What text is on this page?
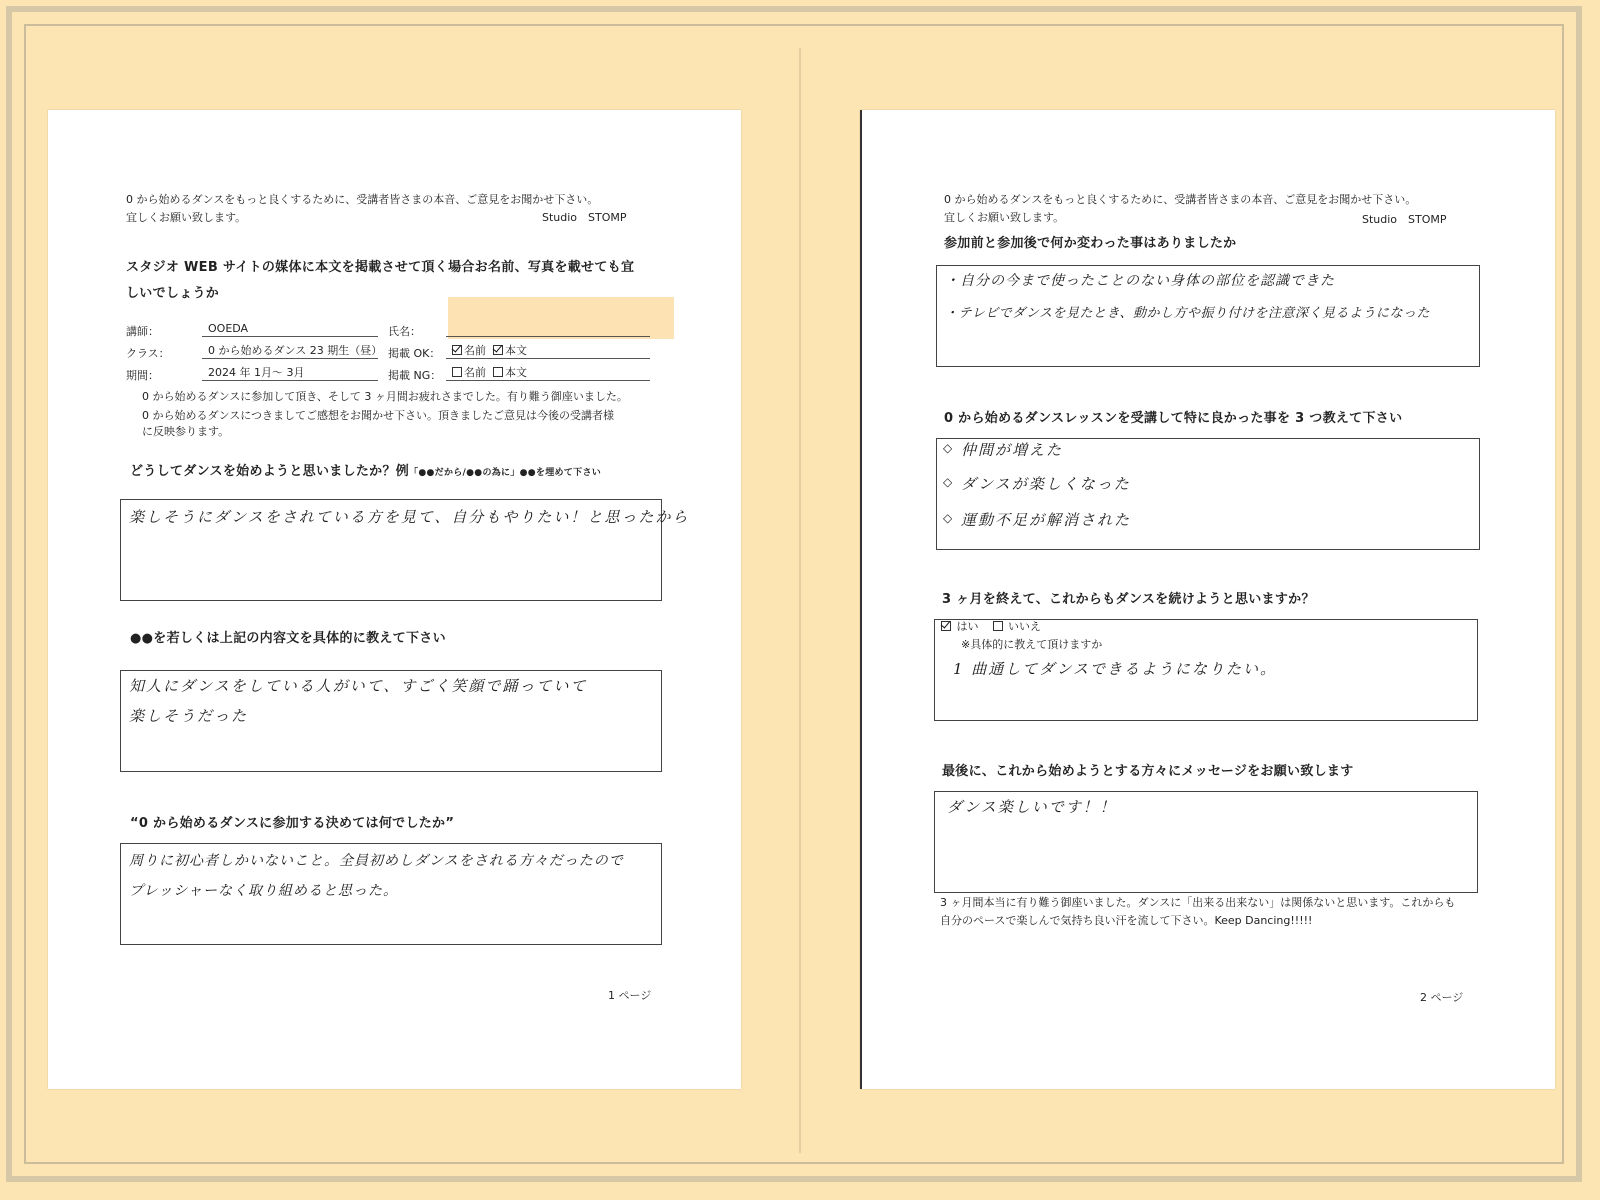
0 から始めるダンスをもっと良くするために、受講者皆さまの本音、ご意見をお聞かせ下さい。
宜しくお願い致します。	Studio　STOMP
スタジオ WEB サイトの媒体に本文を掲載させて頂く場合お名前、写真を載せても宜
しいでしょうか
講師：	OOEDA	氏名：
クラス：	0 から始めるダンス 23 期生（昼） 掲載 OK：	名前 本文
期間：	2024 年 1月～ 3月	掲載 NG：	名前 本文
0 から始めるダンスに参加して頂き、そして 3 ヶ月間お疲れさまでした。有り難う御座いました。
0 から始めるダンスにつきましてご感想をお聞かせ下さい。頂きましたご意見は今後の受講者様
に反映参ります。
どうしてダンスを始めようと思いましたか？例「●●だから/●●の為に」●●を埋めて下さい
楽しそうにダンスをされている方を見て、自分もやりたい！と思ったから
●●を若しくは上記の内容文を具体的に教えて下さい
知人にダンスをしている人がいて、すごく笑顔で踊っていて
楽しそうだった
“0 から始めるダンスに参加する決めては何でしたか”
周りに初心者しかいないこと。全員初めしダンスをされる方々だったので
プレッシャーなく取り組めると思った。
1 ページ
0 から始めるダンスをもっと良くするために、受講者皆さまの本音、ご意見をお聞かせ下さい。
宜しくお願い致します。	Studio　STOMP
参加前と参加後で何か変わった事はありましたか
・自分の今まで使ったことのない身体の部位を認識できた
・テレビでダンスを見たとき、動かし方や振り付けを注意深く見るようになった
0 から始めるダンスレッスンを受講して特に良かった事を 3 つ教えて下さい
◇ 仲間が増えた
◇ ダンスが楽しくなった
◇ 運動不足が解消された
3 ヶ月を終えて、これからもダンスを続けようと思いますか？
はい	いいえ
※具体的に教えて頂けますか
1 曲通してダンスできるようになりたい。
最後に、これから始めようとする方々にメッセージをお願い致します
ダンス楽しいです！！
3 ヶ月間本当に有り難う御座いました。ダンスに「出来る出来ない」は関係ないと思います。これからも
自分のペースで楽しんで気持ち良い汗を流して下さい。Keep Dancing!!!!!
2 ページ
